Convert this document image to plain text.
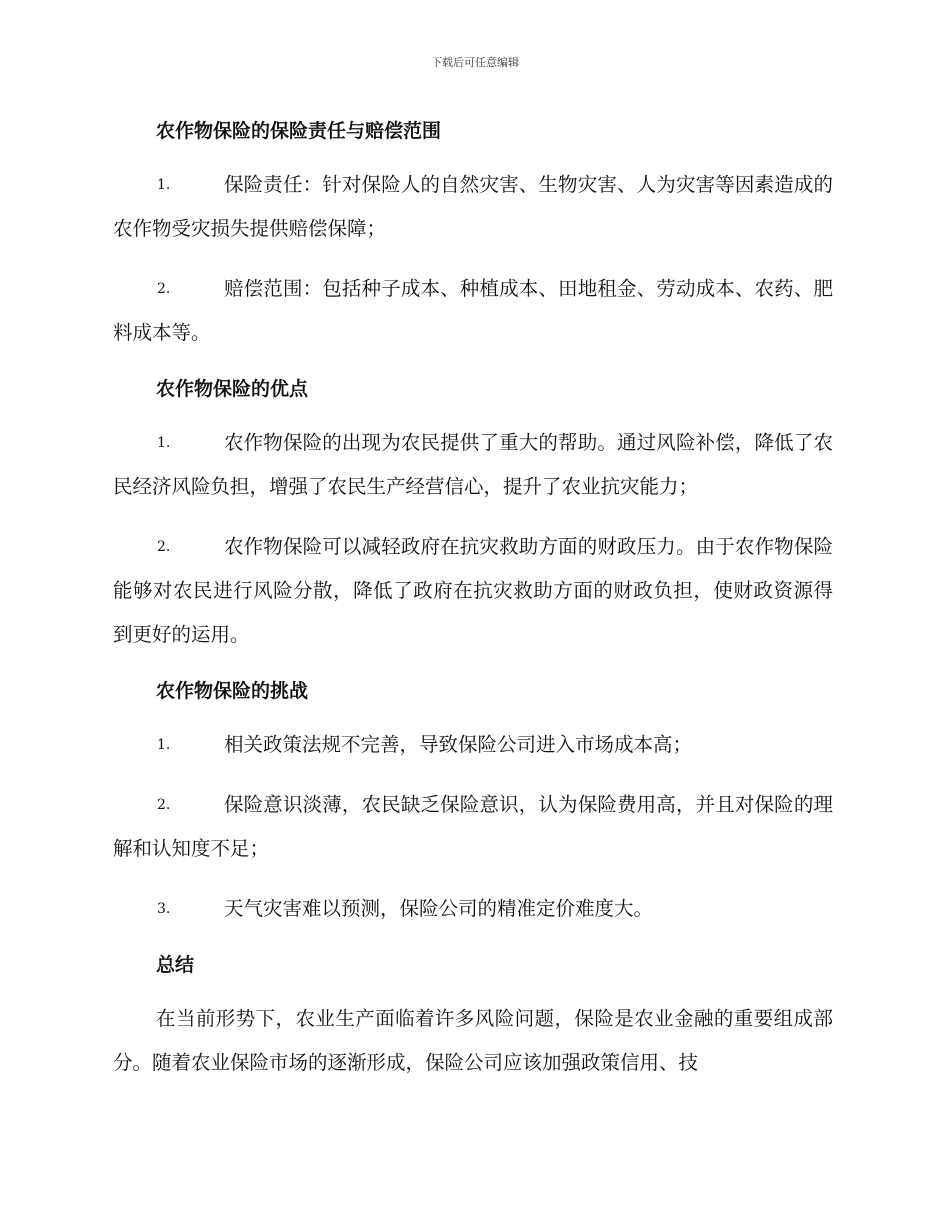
下载后可任意编辑
农作物保险的保险责任与赔偿范围
1.	保险责任：针对保险人的自然灾害、生物灾害、人为灾害等因素造成的农作物受灾损失提供赔偿保障；
2.	赔偿范围：包括种子成本、种植成本、田地租金、劳动成本、农药、肥料成本等。
农作物保险的优点
1.	农作物保险的出现为农民提供了重大的帮助。通过风险补偿，降低了农民经济风险负担，增强了农民生产经营信心，提升了农业抗灾能力；
2.	农作物保险可以减轻政府在抗灾救助方面的财政压力。由于农作物保险能够对农民进行风险分散，降低了政府在抗灾救助方面的财政负担，使财政资源得到更好的运用。
农作物保险的挑战
1.	相关政策法规不完善，导致保险公司进入市场成本高；
2.	保险意识淡薄，农民缺乏保险意识，认为保险费用高，并且对保险的理解和认知度不足；
3.	天气灾害难以预测，保险公司的精准定价难度大。
总结
在当前形势下，农业生产面临着许多风险问题，保险是农业金融的重要组成部分。随着农业保险市场的逐渐形成，保险公司应该加强政策信用、技
